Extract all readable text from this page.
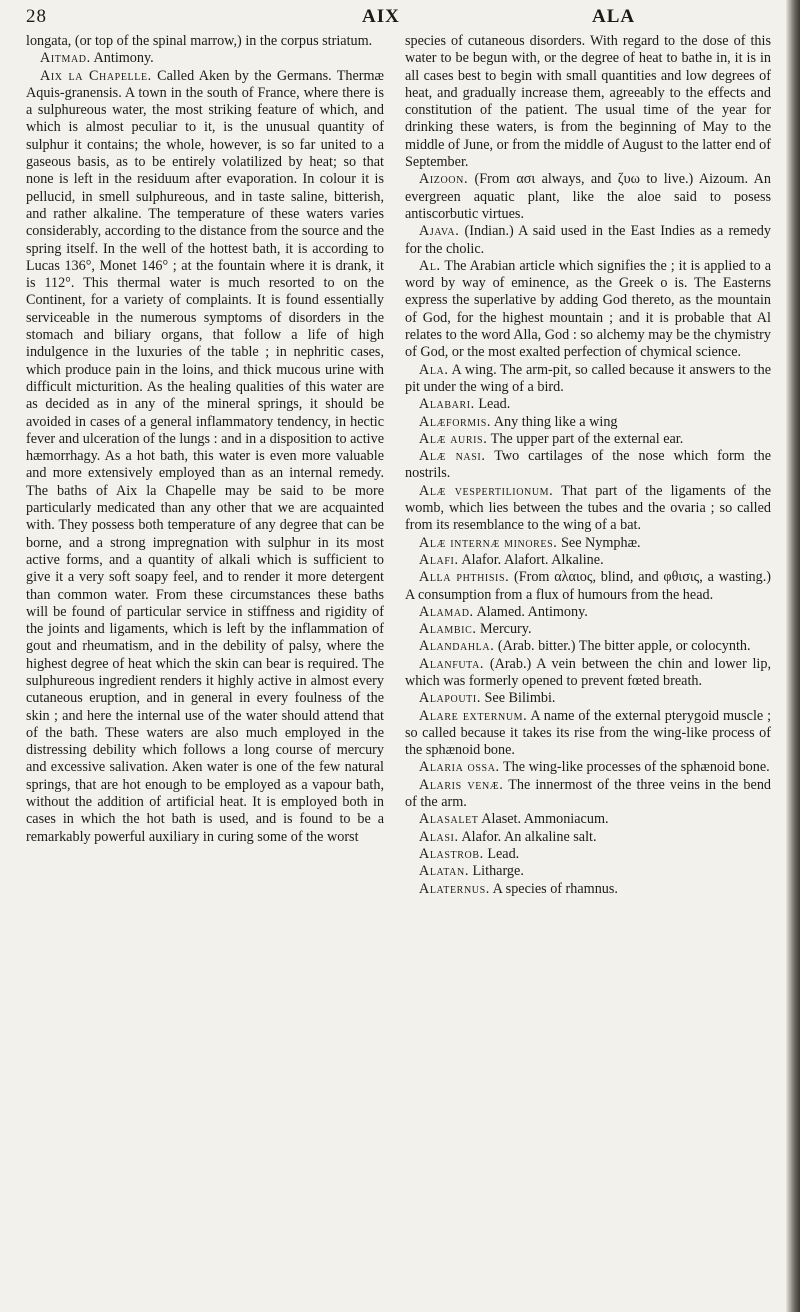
28	AIX	ALA

longata, (or top of the spinal marrow,) in the corpus striatum.

Aitmad. Antimony.

Aix la Chapelle. Called Aken by the Germans. Thermæ Aquis-granensis. A town in the south of France, where there is a sulphureous water, the most striking feature of which, and which is almost peculiar to it, is the unusual quantity of sulphur it contains; the whole, however, is so far united to a gaseous basis, as to be entirely volatilized by heat; so that none is left in the residuum after evaporation. In colour it is pellucid, in smell sulphureous, and in taste saline, bitterish, and rather alkaline. The temperature of these waters varies considerably, according to the distance from the source and the spring itself. In the well of the hottest bath, it is according to Lucas 136°, Monet 146° ; at the fountain where it is drank, it is 112°. This thermal water is much resorted to on the Continent, for a variety of complaints. It is found essentially serviceable in the numerous symptoms of disorders in the stomach and biliary organs, that follow a life of high indulgence in the luxuries of the table ; in nephritic cases, which produce pain in the loins, and thick mucous urine with difficult micturition. As the healing qualities of this water are as decided as in any of the mineral springs, it should be avoided in cases of a general inflammatory tendency, in hectic fever and ulceration of the lungs : and in a disposition to active hæmorrhagy. As a hot bath, this water is even more valuable and more extensively employed than as an internal remedy. The baths of Aix la Chapelle may be said to be more particularly medicated than any other that we are acquainted with. They possess both temperature of any degree that can be borne, and a strong impregnation with sulphur in its most active forms, and a quantity of alkali which is sufficient to give it a very soft soapy feel, and to render it more detergent than common water. From these circumstances these baths will be found of particular service in stiffness and rigidity of the joints and ligaments, which is left by the inflammation of gout and rheumatism, and in the debility of palsy, where the highest degree of heat which the skin can bear is required. The sulphureous ingredient renders it highly active in almost every cutaneous eruption, and in general in every foulness of the skin ; and here the internal use of the water should attend that of the bath. These waters are also much employed in the distressing debility which follows a long course of mercury and excessive salivation. Aken water is one of the few natural springs, that are hot enough to be employed as a vapour bath, without the addition of artificial heat. It is employed both in cases in which the hot bath is used, and is found to be a remarkably powerful auxiliary in curing some of the worst

species of cutaneous disorders. With regard to the dose of this water to be begun with, or the degree of heat to bathe in, it is in all cases best to begin with small quantities and low degrees of heat, and gradually increase them, agreeably to the effects and constitution of the patient. The usual time of the year for drinking these waters, is from the beginning of May to the middle of June, or from the middle of August to the latter end of September.

Aizoon. (From ασι always, and ζυω to live.) Aizoum. An evergreen aquatic plant, like the aloe said to posess antiscorbutic virtues.

Ajava. (Indian.) A said used in the East Indies as a remedy for the cholic.

Al. The Arabian article which signifies the ; it is applied to a word by way of eminence, as the Greek ο is. The Easterns express the superlative by adding God thereto, as the mountain of God, for the highest mountain ; and it is probable that Al relates to the word Alla, God : so alchemy may be the chymistry of God, or the most exalted perfection of chymical science.

Ala. A wing. The arm-pit, so called because it answers to the pit under the wing of a bird.

Alabari. Lead.

Alæformis. Any thing like a wing

Alæ auris. The upper part of the external ear.

Alæ nasi. Two cartilages of the nose which form the nostrils.

Alæ vespertilionum. That part of the ligaments of the womb, which lies between the tubes and the ovaria ; so called from its resemblance to the wing of a bat.

Alæ internæ minores. See Nymphæ.

Alafi. Alafor. Alafort. Alkaline.

Alla phthisis. (From αλαιος, blind, and φθισις, a wasting.) A consumption from a flux of humours from the head.

Alamad. Alamed. Antimony.

Alambic. Mercury.

Alandahla. (Arab. bitter.) The bitter apple, or colocynth.

Alanfuta. (Arab.) A vein between the chin and lower lip, which was formerly opened to prevent fœted breath.

Alapouti. See Bilimbi.

Alare externum. A name of the external pterygoid muscle ; so called because it takes its rise from the wing-like process of the sphænoid bone.

Alaria ossa. The wing-like processes of the sphænoid bone.

Alaris venæ. The innermost of the three veins in the bend of the arm.

Alasalet Alaset. Ammoniacum.

Alasi. Alafor. An alkaline salt.

Alastrob. Lead.

Alatan. Litharge.

Alaternus. A species of rhamnus.
